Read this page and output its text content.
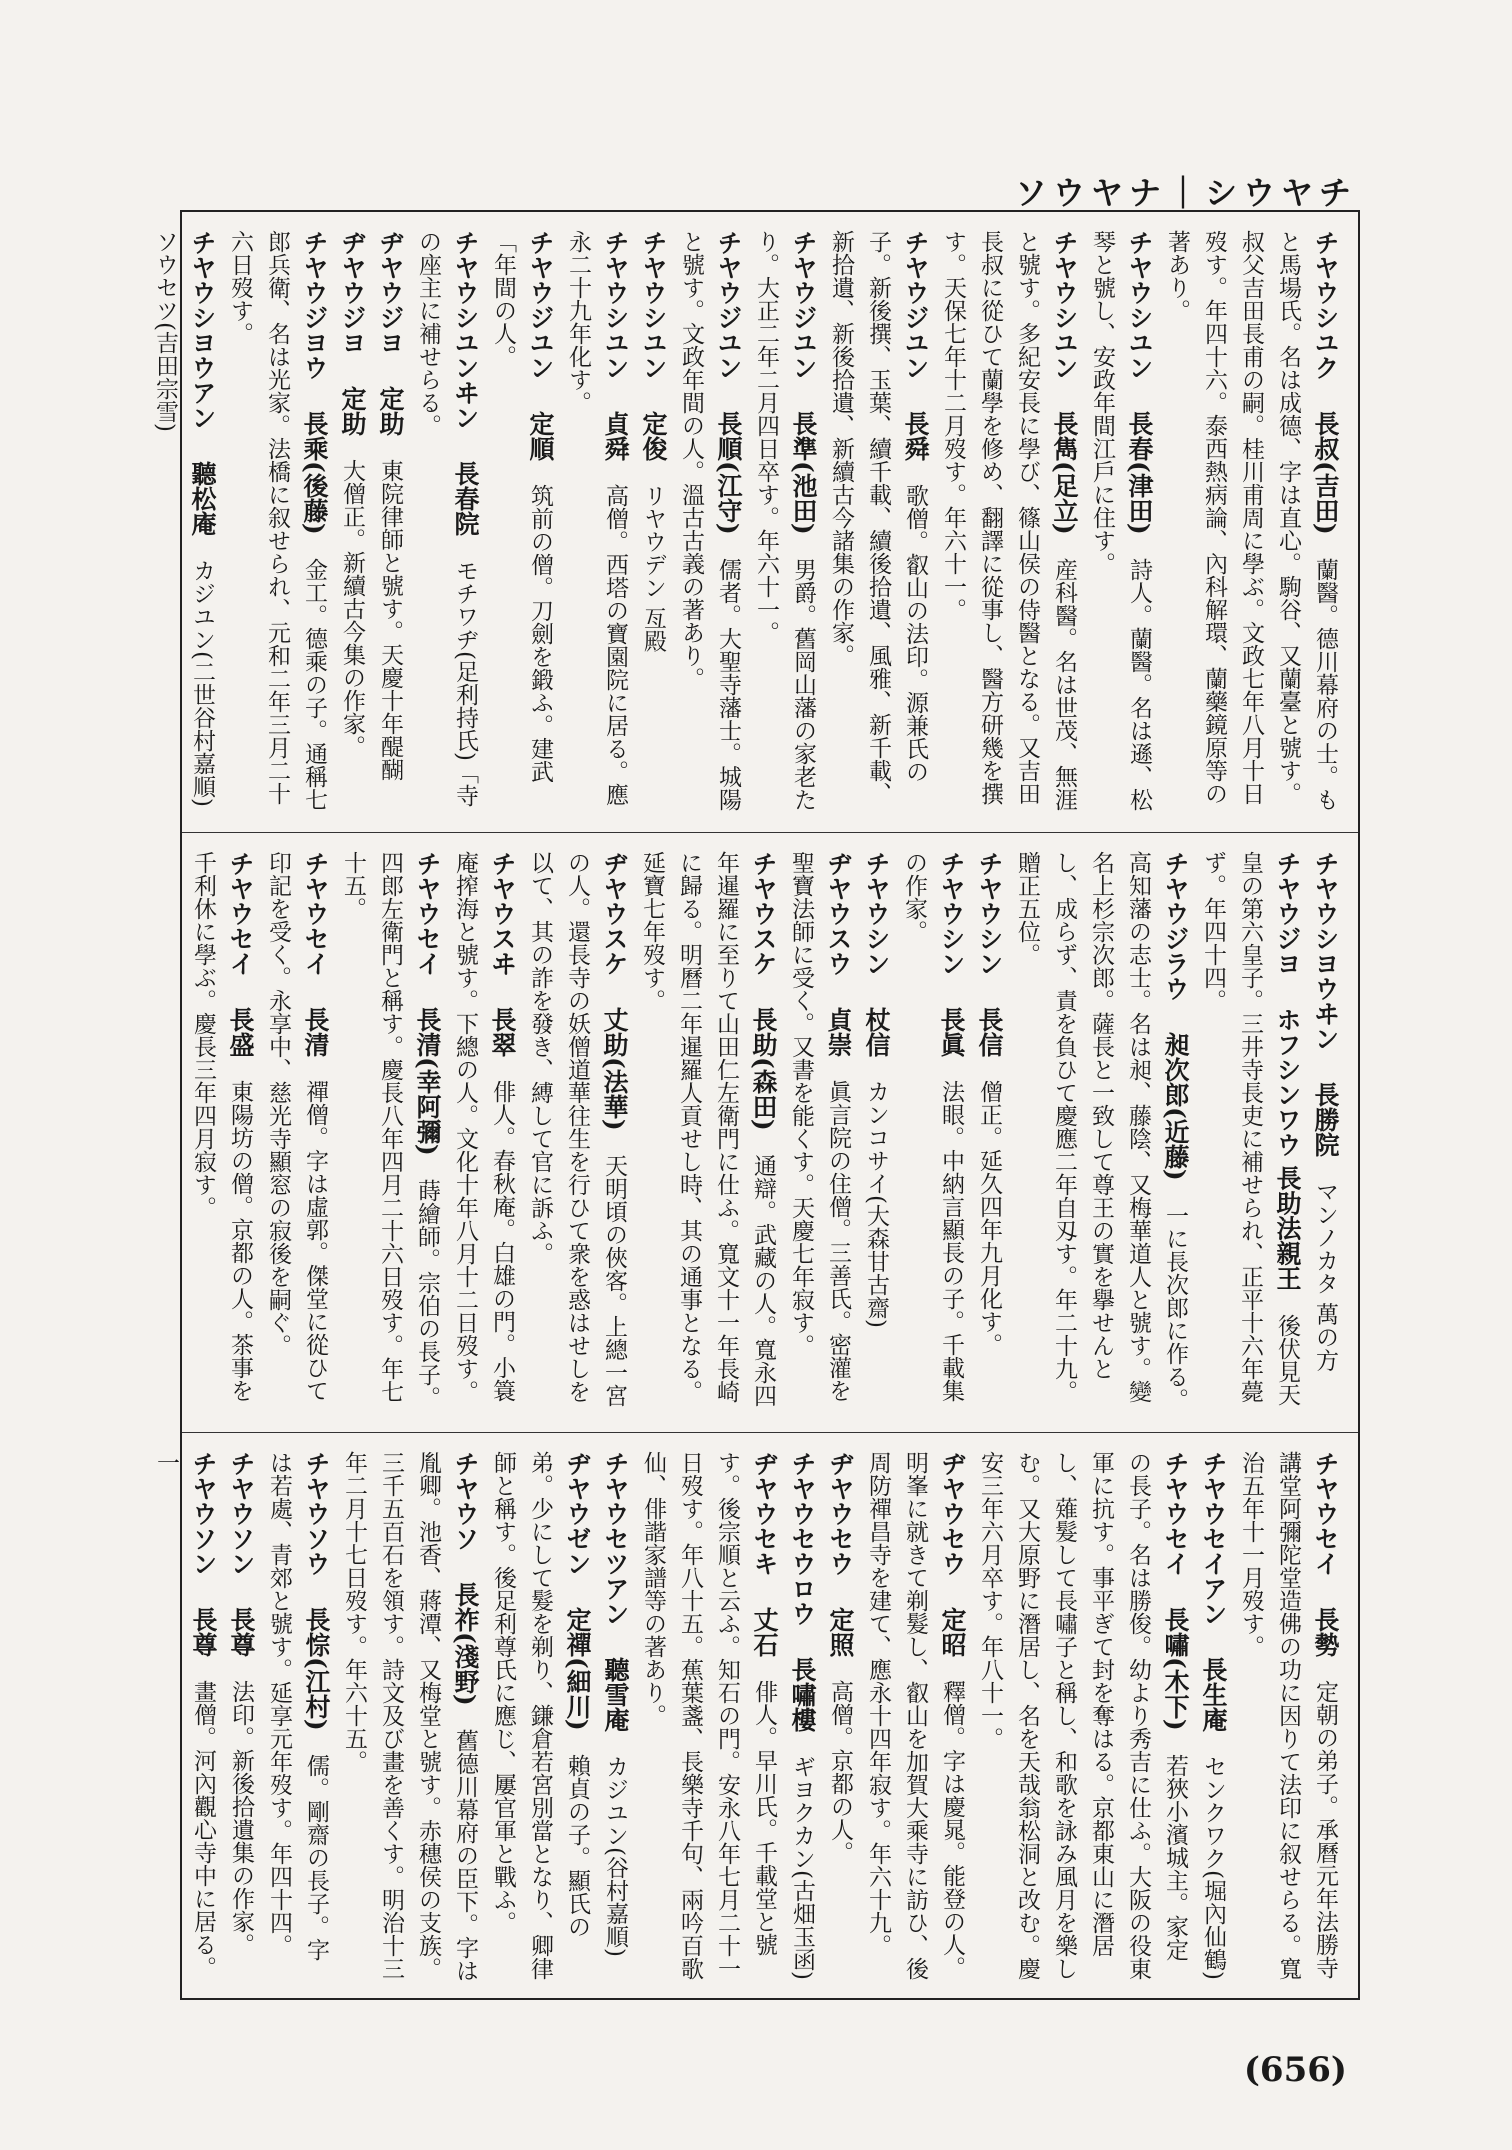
ソウヤナ｜シウヤチ

チヤウシユク　長叔(吉田)　蘭醫。德川幕府の士。もと馬場氏。名は成德、字は直心。駒谷、又蘭臺と號す。叔父吉田長甫の嗣。桂川甫周に學ぶ。文政七年八月十日歿す。年四十六。泰西熱病論、內科解環、蘭藥鏡原等の著あり。

チヤウシユン　長春(津田)　詩人。蘭醫。名は遜、松琴と號し、安政年間江戶に住す。

チヤウシユン　長雋(足立)　産科醫。名は世茂、無涯と號す。多紀安長に學び、篠山侯の侍醫となる。又吉田長叔に從ひて蘭學を修め、翻譯に從事し、醫方研幾を撰す。天保七年十二月歿す。年六十一。

チヤウジユン　長舜　歌僧。叡山の法印。源兼氏の子。新後撰、玉葉、續千載、續後拾遺、風雅、新千載、新拾遺、新後拾遺、新續古今諸集の作家。

チヤウジユン　長準(池田)　男爵。舊岡山藩の家老たり。大正二年二月四日卒す。年六十一。

チヤウジユン　長順(江守)　儒者。大聖寺藩士。城陽と號す。文政年間の人。溫古古義の著あり。

チヤウシユン　定俊　リヤウデン 亙殿

チヤウシユン　貞舜　高僧。西塔の寶園院に居る。應永二十九年化す。

チヤウジユン　定順　筑前の僧。刀劍を鍛ふ。建武「年間の人。

チヤウシユンヰン　長春院　モチワヂ(足利持氏)「寺の座主に補せらる。

ヂヤウジヨ　定助　東院律師と號す。天慶十年醍醐

ヂヤウジヨ　定助　大僧正。新續古今集の作家。

チヤウジヨウ　長乘(後藤)　金工。德乘の子。通稱七郎兵衛、名は光家。法橋に叙せられ、元和二年三月二十六日歿す。

チヤウシヨウアン　聽松庵　カジユン(二世谷村嘉順) ソウセツ(吉田宗雪)

チヤウシヨウヰン　長勝院　マンノカタ 萬の方

チヤウジヨ　ホフシンワウ 長助法親王　後伏見天皇の第六皇子。三井寺長吏に補せられ、正平十六年薨ず。年四十四。

チヤウジラウ　昶次郎(近藤)　一に長次郎に作る。高知藩の志士。名は昶、藤陰、又梅華道人と號す。變名上杉宗次郎。薩長と一致して尊王の實を擧せんとし、成らず、責を負ひて慶應二年自刄す。年二十九。贈正五位。

チヤウシン　長信　僧正。延久四年九月化す。

チヤウシン　長眞　法眼。中納言顯長の子。千載集の作家。

チヤウシン　杖信　カンコサイ(大森甘古齋)

ヂヤウスウ　貞崇　眞言院の住僧。三善氏。密灌を聖寶法師に受く。又書を能くす。天慶七年寂す。

チヤウスケ　長助(森田)　通辯。武藏の人。寬永四年暹羅に至りて山田仁左衛門に仕ふ。寬文十一年長崎に歸る。明曆二年暹羅人貢せし時、其の通事となる。延寶七年歿す。

ヂヤウスケ　丈助(法華)　天明頃の俠客。上總一宮の人。還長寺の妖僧道華往生を行ひて衆を惑はせしを以て、其の詐を發き、縛して官に訴ふ。

チヤウスヰ　長翠　俳人。春秋庵。白雄の門。小簑庵搾海と號す。下總の人。文化十年八月十二日歿す。

チヤウセイ　長清(幸阿彌)　蒔繪師。宗伯の長子。四郎左衛門と稱す。慶長八年四月二十六日歿す。年七十五。

チヤウセイ　長清　禪僧。字は虛郭。傑堂に從ひて印記を受く。永享中、慈光寺顯窓の寂後を嗣ぐ。

チヤウセイ　長盛　東陽坊の僧。京都の人。茶事を千利休に學ぶ。慶長三年四月寂す。

チヤウセイ　長勢　定朝の弟子。承曆元年法勝寺講堂阿彌陀堂造佛の功に因りて法印に叙せらる。寬治五年十一月歿す。

チヤウセイアン　長生庵　センクワク(堀內仙鶴)

チヤウセイ　長嘯(木下)　若狹小濱城主。家定の長子。名は勝俊。幼より秀吉に仕ふ。大阪の役東軍に抗す。事平ぎて封を奪はる。京都東山に潛居し、薙髮して長嘯子と稱し、和歌を詠み風月を樂しむ。又大原野に潛居し、名を天哉翁松洞と改む。慶安三年六月卒す。年八十一。

ヂヤウセウ　定昭　釋僧。字は慶晁。能登の人。明峯に就きて剃髮し、叡山を加賀大乘寺に訪ひ、後周防禪昌寺を建て、應永十四年寂す。年六十九。

ヂヤウセウ　定照　高僧。京都の人。

チヤウセウロウ　長嘯樓　ギヨクカン(古畑玉函)

ヂヤウセキ　丈石　俳人。早川氏。千載堂と號す。後宗順と云ふ。知石の門。安永八年七月二十一日歿す。年八十五。蕉葉盞、長樂寺千句、兩吟百歌仙、俳諧家譜等の著あり。

チヤウセツアン　聽雪庵　カジユン(谷村嘉順)

ヂヤウゼン　定禪(細川)　賴貞の子。顯氏の弟。少にして髮を剃り、鎌倉若宮別當となり、卿律師と稱す。後足利尊氏に應じ、屢官軍と戰ふ。

チヤウソ　長祚(淺野)　舊德川幕府の臣下。字は胤卿。池香、蔣潭、又梅堂と號す。赤穗侯の支族。三千五百石を領す。詩文及び畫を善くす。明治十三年二月十七日歿す。年六十五。

チヤウソウ　長悰(江村)　儒。剛齋の長子。字は若處、青郊と號す。延享元年歿す。年四十四。

チヤウソン　長尊　法印。新後拾遺集の作家。

チヤウソン　長尊　畫僧。河內觀心寺中に居る。一

(656)
